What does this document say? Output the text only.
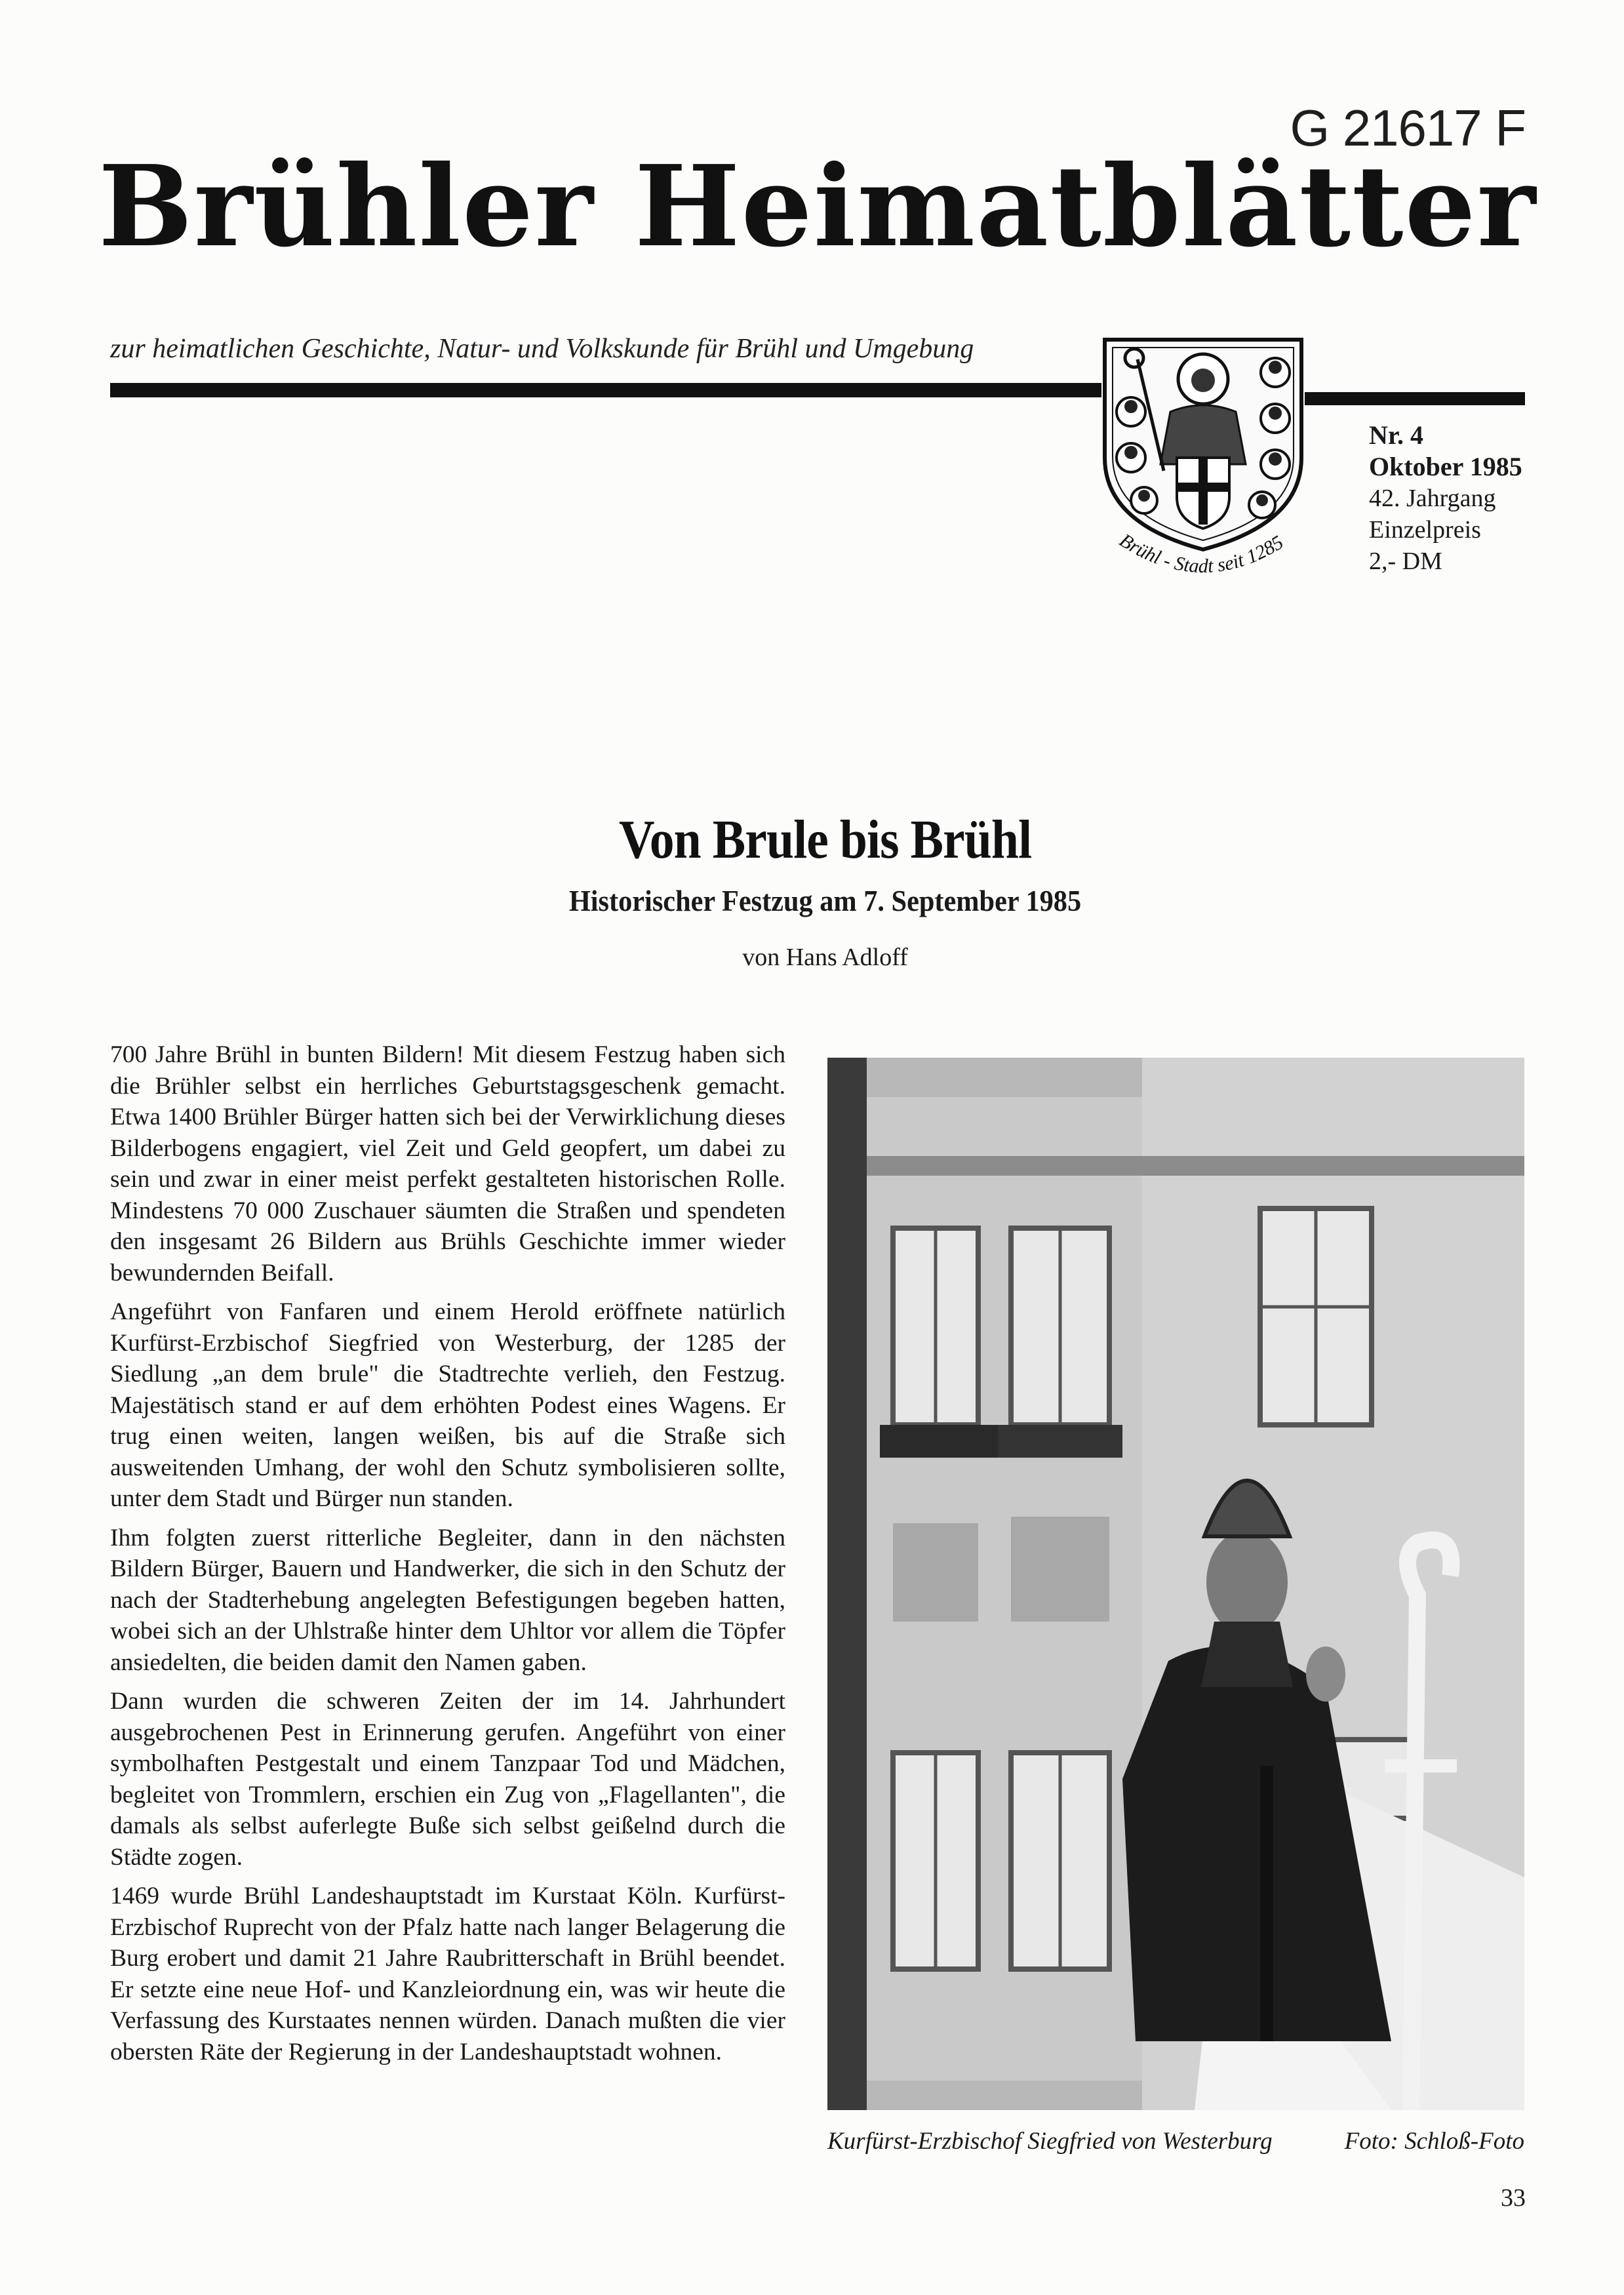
G 21617 F
Brühler Heimatblätter
zur heimatlichen Geschichte, Natur- und Volkskunde für Brühl und Umgebung
Brühl - Stadt seit 1285
Nr. 4
Oktober 1985
42. Jahrgang
Einzelpreis
2,- DM
Von Brule bis Brühl
Historischer Festzug am 7. September 1985
von Hans Adloff

700 Jahre Brühl in bunten Bildern! Mit diesem Festzug haben sich die Brühler selbst ein herrliches Geburtstagsgeschenk gemacht. Etwa 1400 Brühler Bürger hatten sich bei der Verwirklichung dieses Bilderbogens engagiert, viel Zeit und Geld geopfert, um dabei zu sein und zwar in einer meist perfekt gestalteten historischen Rolle. Mindestens 70 000 Zuschauer säumten die Straßen und spendeten den insgesamt 26 Bildern aus Brühls Geschichte immer wieder bewundernden Beifall.

Angeführt von Fanfaren und einem Herold eröffnete natürlich Kurfürst-Erzbischof Siegfried von Westerburg, der 1285 der Siedlung „an dem brule" die Stadtrechte verlieh, den Festzug. Majestätisch stand er auf dem erhöhten Podest eines Wagens. Er trug einen weiten, langen weißen, bis auf die Straße sich ausweitenden Umhang, der wohl den Schutz symbolisieren sollte, unter dem Stadt und Bürger nun standen.

Ihm folgten zuerst ritterliche Begleiter, dann in den nächsten Bildern Bürger, Bauern und Handwerker, die sich in den Schutz der nach der Stadterhebung angelegten Befestigungen begeben hatten, wobei sich an der Uhlstraße hinter dem Uhltor vor allem die Töpfer ansiedelten, die beiden damit den Namen gaben.

Dann wurden die schweren Zeiten der im 14. Jahrhundert ausgebrochenen Pest in Erinnerung gerufen. Angeführt von einer symbolhaften Pestgestalt und einem Tanzpaar Tod und Mädchen, begleitet von Trommlern, erschien ein Zug von „Flagellanten", die damals als selbst auferlegte Buße sich selbst geißelnd durch die Städte zogen.

1469 wurde Brühl Landeshauptstadt im Kurstaat Köln. Kurfürst-Erzbischof Ruprecht von der Pfalz hatte nach langer Belagerung die Burg erobert und damit 21 Jahre Raubritterschaft in Brühl beendet. Er setzte eine neue Hof- und Kanzleiordnung ein, was wir heute die Verfassung des Kurstaates nennen würden. Danach mußten die vier obersten Räte der Regierung in der Landeshauptstadt wohnen.

Kurfürst-Erzbischof Siegfried von Westerburg	Foto: Schloß-Foto
33
